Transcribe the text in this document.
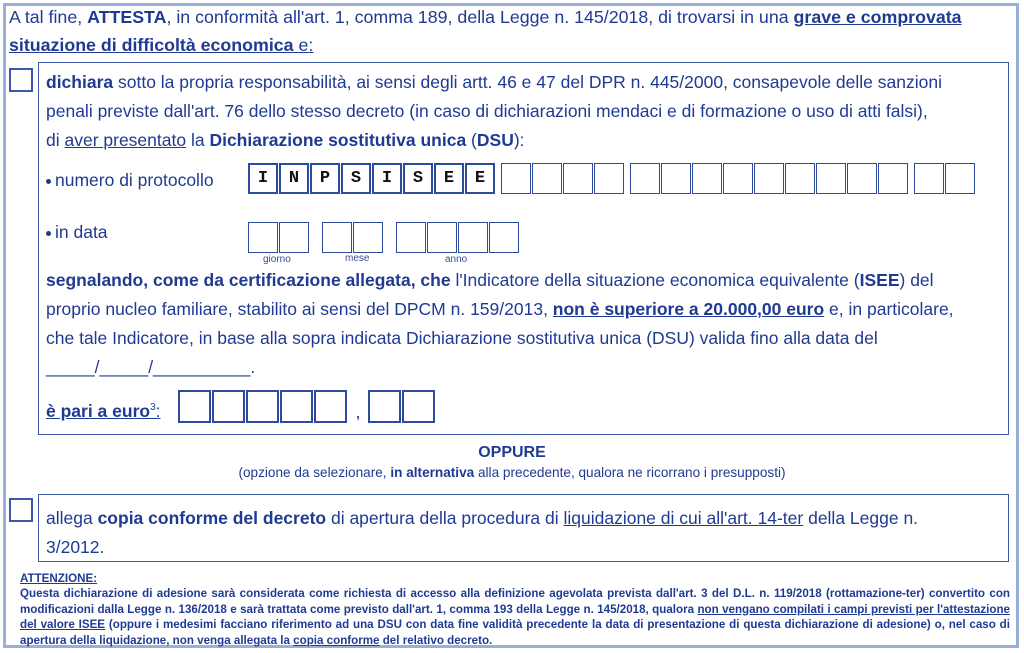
A tal fine, ATTESTA, in conformità all'art. 1, comma 189, della Legge n. 145/2018, di trovarsi in una grave e comprovata
situazione di difficoltà economica e:
dichiara sotto la propria responsabilità, ai sensi degli artt. 46 e 47 del DPR n. 445/2000, consapevole delle sanzioni
penali previste dall'art. 76 dello stesso decreto (in caso di dichiarazioni mendaci e di formazione o uso di atti falsi),
di aver presentato la Dichiarazione sostitutiva unica (DSU):
numero di protocollo	I	N	P	S	I	S	E	E
in data
giorno	mese	anno
segnalando, come da certificazione allegata, che l'Indicatore della situazione economica equivalente (ISEE) del
proprio nucleo familiare, stabilito ai sensi del DPCM n. 159/2013, non è superiore a 20.000,00 euro e, in particolare,
che tale Indicatore, in base alla sopra indicata Dichiarazione sostitutiva unica (DSU) valida fino alla data del
_____/_____/__________.
è pari a euro$^3$:	,
OPPURE
(opzione da selezionare, in alternativa alla precedente, qualora ne ricorrano i presupposti)
allega copia conforme del decreto di apertura della procedura di liquidazione di cui all'art. 14-ter della Legge n.
3/2012.
ATTENZIONE:
Questa dichiarazione di adesione sarà considerata come richiesta di accesso alla definizione agevolata prevista dall'art. 3 del D.L. n. 119/2018 (rottamazione-ter) convertito con modificazioni dalla Legge n. 136/2018 e sarà trattata come previsto dall'art. 1, comma 193 della Legge n. 145/2018, qualora non vengano compilati i campi previsti per l'attestazione del valore ISEE (oppure i medesimi facciano riferimento ad una DSU con data fine validità precedente la data di presentazione di questa dichiarazione di adesione) o, nel caso di apertura della liquidazione, non venga allegata la copia conforme del relativo decreto.
